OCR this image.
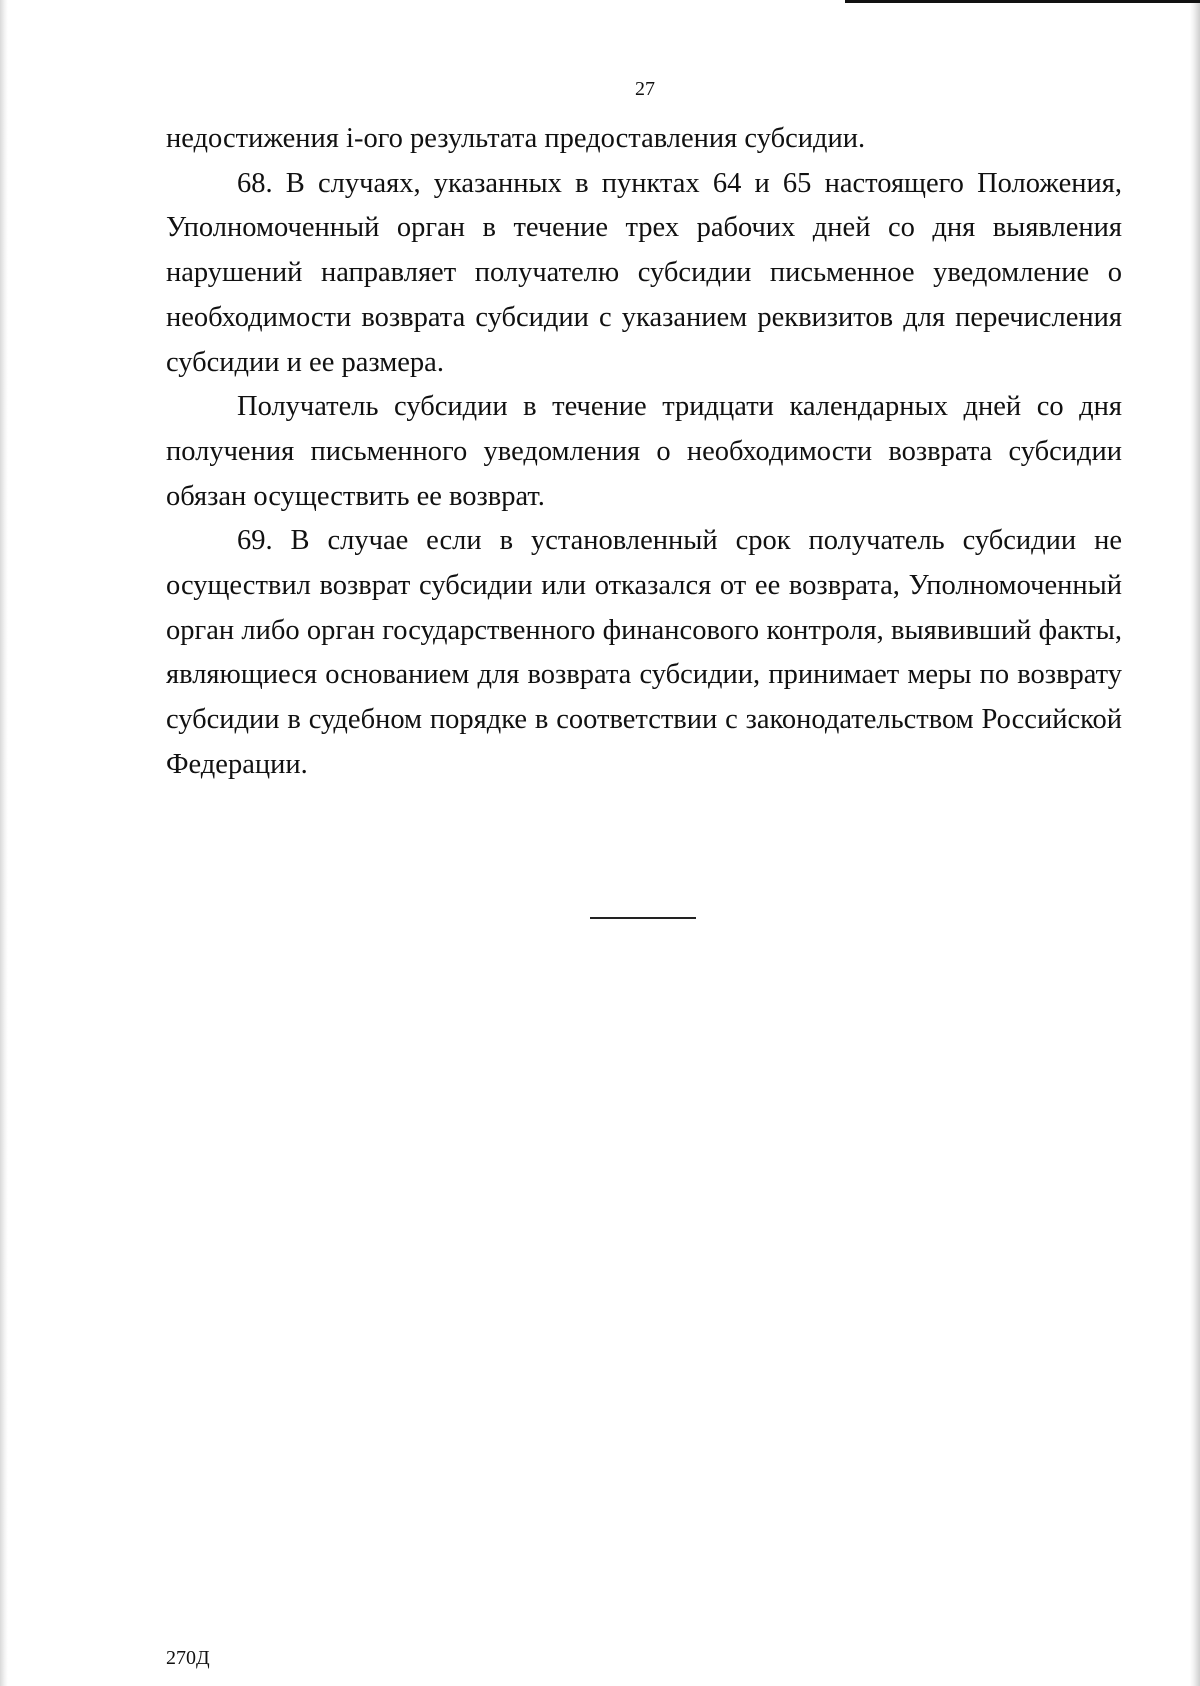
27

недостижения i-ого результата предоставления субсидии.

68. В случаях, указанных в пунктах 64 и 65 настоящего Положения, Уполномоченный орган в течение трех рабочих дней со дня выявления нарушений направляет получателю субсидии письменное уведомление о необходимости возврата субсидии с указанием реквизитов для перечисления субсидии и ее размера.

Получатель субсидии в течение тридцати календарных дней со дня получения письменного уведомления о необходимости возврата субсидии обязан осуществить ее возврат.

69. В случае если в установленный срок получатель субсидии не осуществил возврат субсидии или отказался от ее возврата, Уполномоченный орган либо орган государственного финансового контроля, выявивший факты, являющиеся основанием для возврата субсидии, принимает меры по возврату субсидии в судебном порядке в соответствии с законодательством Российской Федерации.

270Д
